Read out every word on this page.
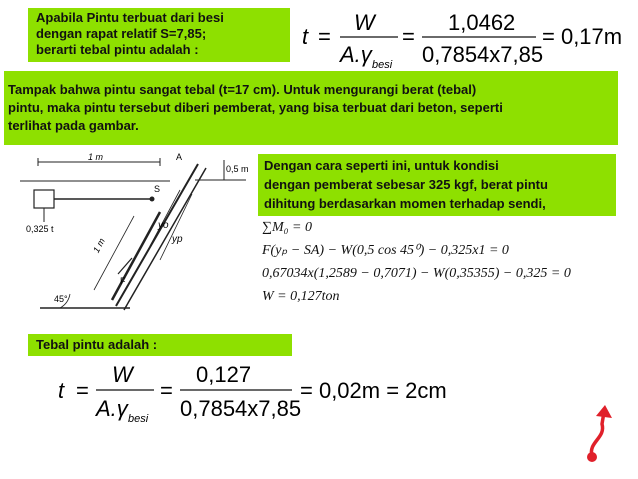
Apabila Pintu terbuat dari besi
dengan rapat relatif S=7,85;
berarti tebal pintu adalah :
t =
W
A.γ besi
=
1,0462
0,7854x7,85
= 0,17m
Tampak bahwa pintu sangat tebal (t=17 cm). Untuk mengurangi berat (tebal)
pintu, maka pintu tersebut diberi pemberat, yang bisa terbuat dari beton, seperti
terlihat pada gambar.
1 m
0,5 m
0,325 t
S
A
yo
yp
1 m
F
45°
Dengan cara seperti ini, untuk kondisi
dengan pemberat sebesar 325 kgf, berat pintu
dihitung berdasarkan momen terhadap sendi,
∑M₀ = 0
F(yₚ − SA) − W(0,5 cos 45⁰) − 0,325x1 = 0
0,67034x(1,2589 − 0,7071) − W(0,35355) − 0,325 = 0
W = 0,127ton
Tebal pintu adalah :
t =
W
A.γ besi
=
0,127
0,7854x7,85
= 0,02m = 2cm
